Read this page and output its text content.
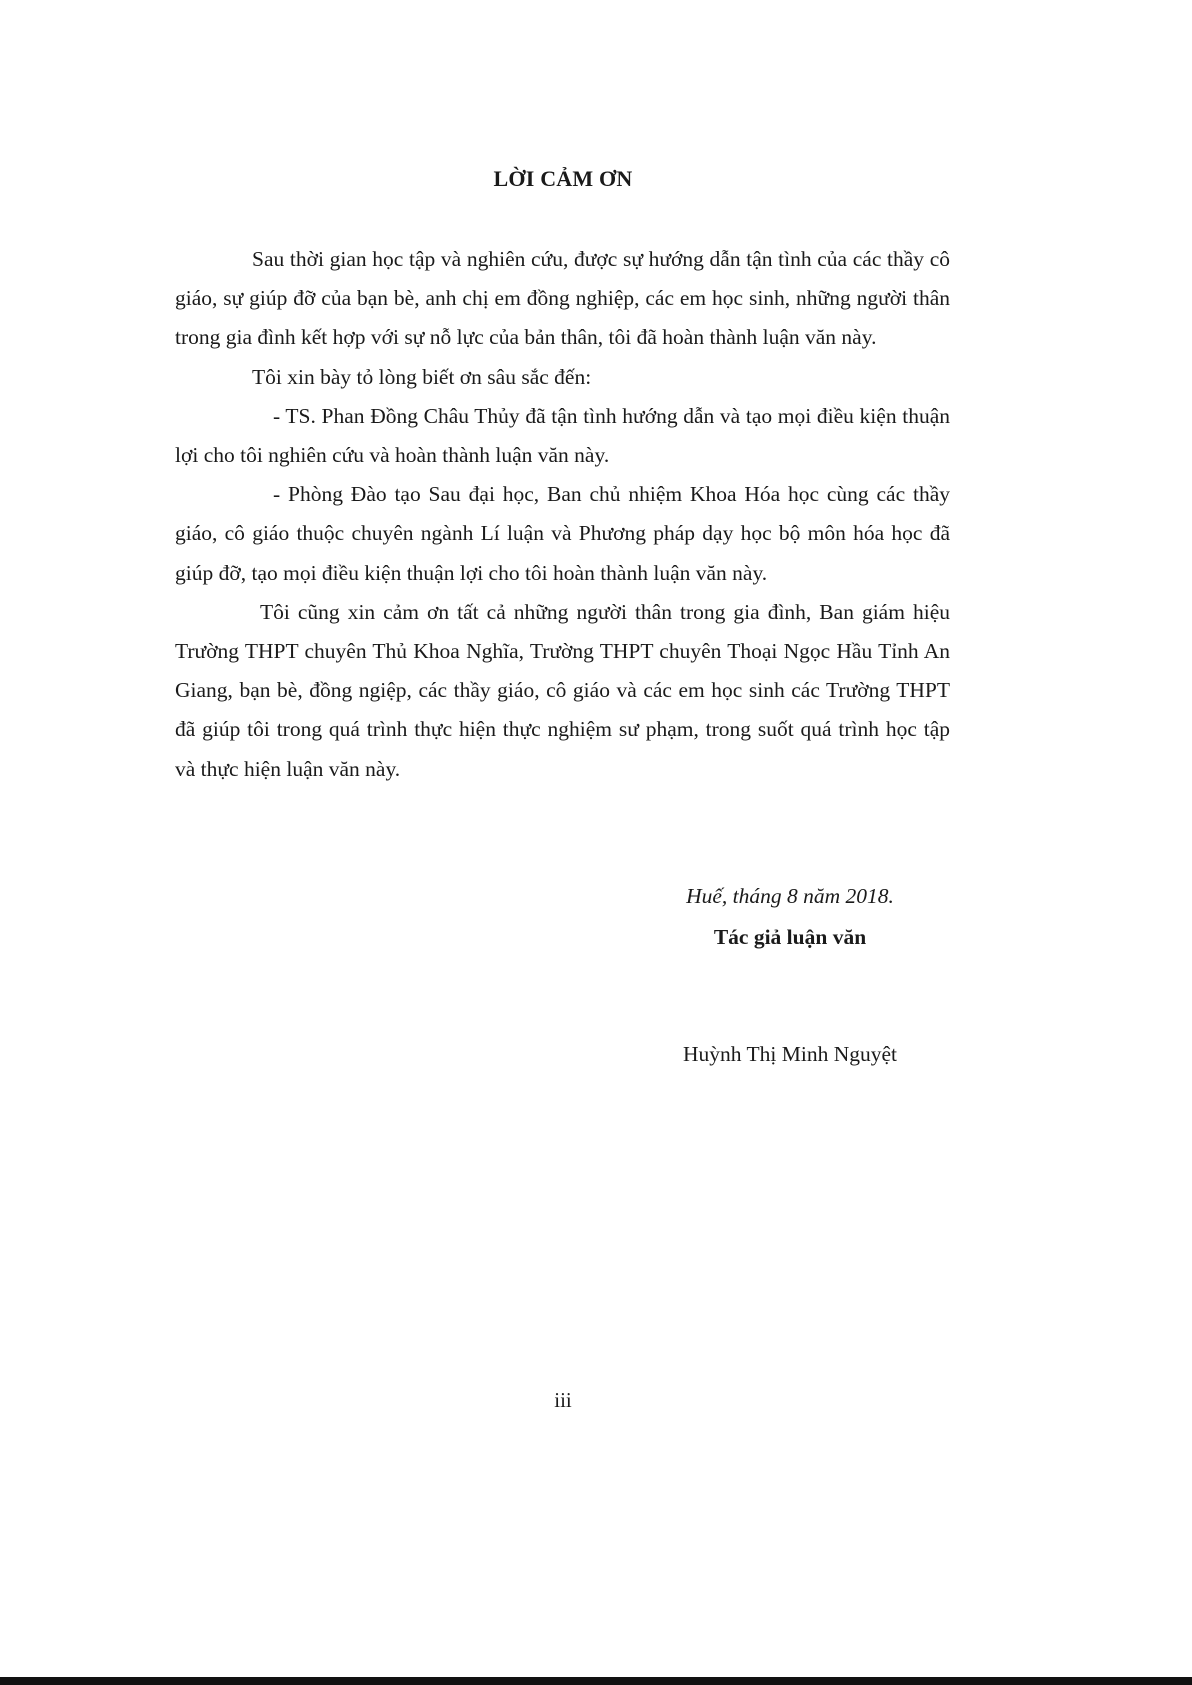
LỜI CẢM ƠN

Sau thời gian học tập và nghiên cứu, được sự hướng dẫn tận tình của các thầy cô giáo, sự giúp đỡ của bạn bè, anh chị em đồng nghiệp, các em học sinh, những người thân trong gia đình kết hợp với sự nỗ lực của bản thân, tôi đã hoàn thành luận văn này.

Tôi xin bày tỏ lòng biết ơn sâu sắc đến:

- TS. Phan Đồng Châu Thủy đã tận tình hướng dẫn và tạo mọi điều kiện thuận lợi cho tôi nghiên cứu và hoàn thành luận văn này.

- Phòng Đào tạo Sau đại học, Ban chủ nhiệm Khoa Hóa học cùng các thầy giáo, cô giáo thuộc chuyên ngành Lí luận và Phương pháp dạy học bộ môn hóa học đã giúp đỡ, tạo mọi điều kiện thuận lợi cho tôi hoàn thành luận văn này.

Tôi cũng xin cảm ơn tất cả những người thân trong gia đình, Ban giám hiệu Trường THPT chuyên Thủ Khoa Nghĩa, Trường THPT chuyên Thoại Ngọc Hầu Tỉnh An Giang, bạn bè, đồng ngiệp, các thầy giáo, cô giáo và các em học sinh các Trường THPT đã giúp tôi trong quá trình thực hiện thực nghiệm sư phạm, trong suốt quá trình học tập và thực hiện luận văn này.

Huế, tháng 8 năm 2018.
Tác giả luận văn
Huỳnh Thị Minh Nguyệt
iii
